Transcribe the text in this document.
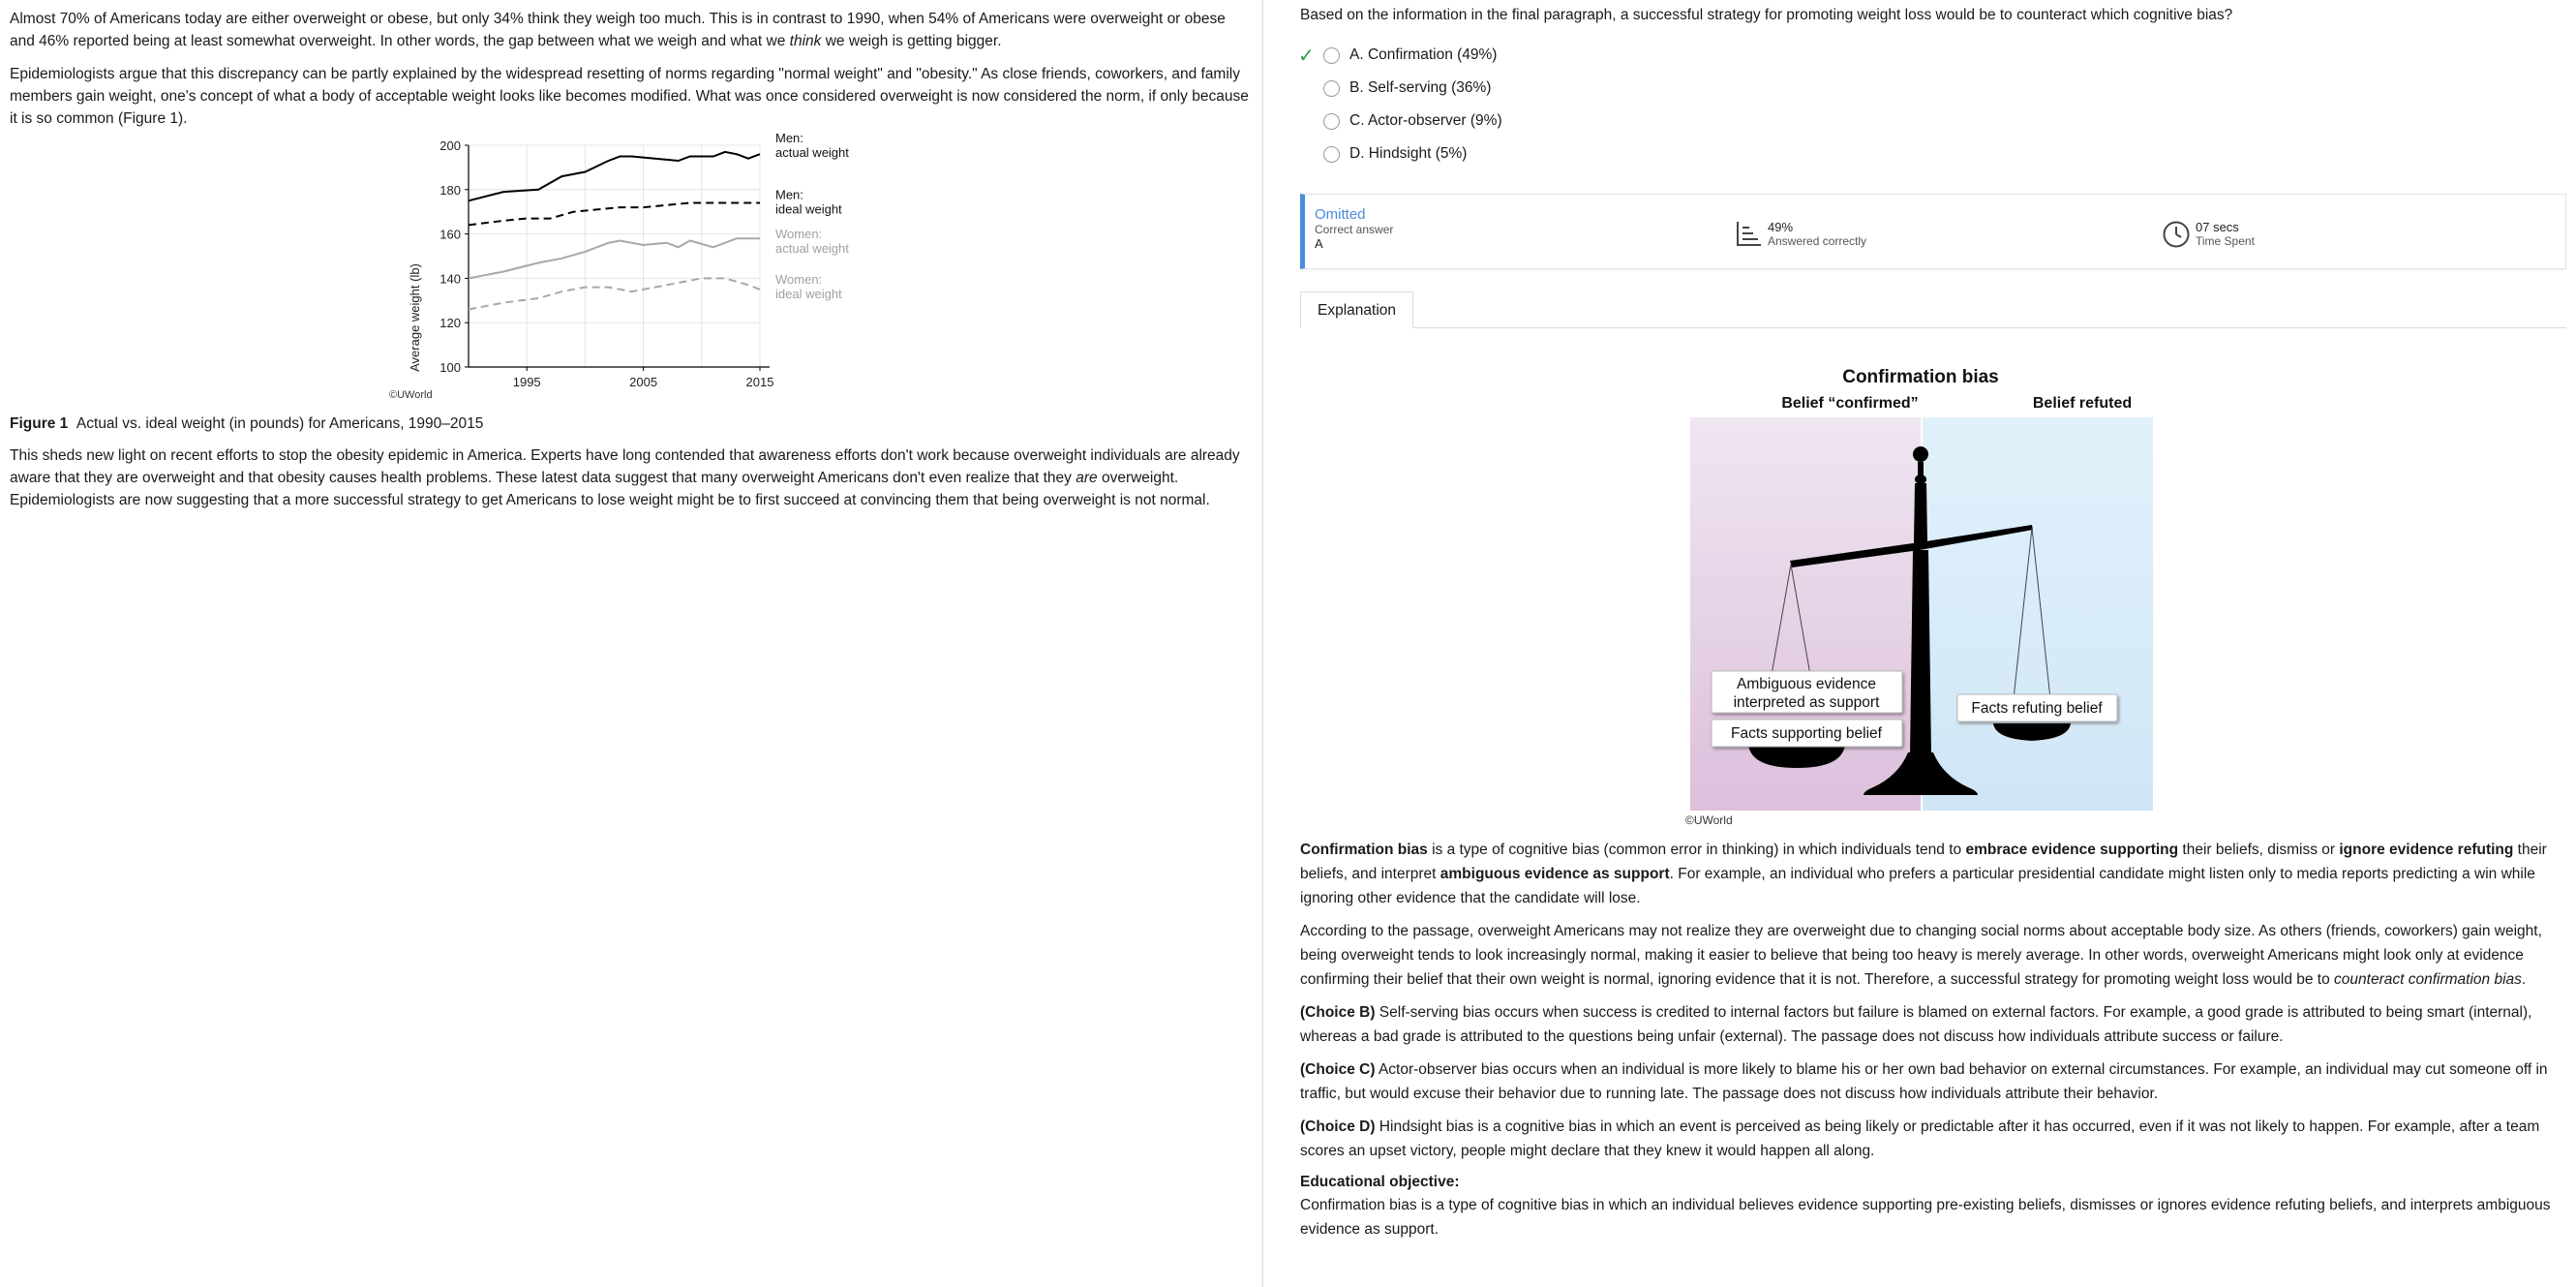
Almost 70% of Americans today are either overweight or obese, but only 34% think they weigh too much. This is in contrast to 1990, when 54% of Americans were overweight or obese and 46% reported being at least somewhat overweight. In other words, the gap between what we weigh and what we think we weigh is getting bigger.

Epidemiologists argue that this discrepancy can be partly explained by the widespread resetting of norms regarding "normal weight" and "obesity." As close friends, coworkers, and family members gain weight, one's concept of what a body of acceptable weight looks like becomes modified. What was once considered overweight is now considered the norm, if only because it is so common (Figure 1).

100
120
140
160
180
200
1995	2005	2015
Men:
actual weight
Men:
ideal weight
Women:
actual weight
Women:
ideal weight
Average weight (lb)
©UWorld
Figure 1 Actual vs. ideal weight (in pounds) for Americans, 1990–2015

This sheds new light on recent efforts to stop the obesity epidemic in America. Experts have long contended that awareness efforts don't work because overweight individuals are already aware that they are overweight and that obesity causes health problems. These latest data suggest that many overweight Americans don't even realize that they are overweight. Epidemiologists are now suggesting that a more successful strategy to get Americans to lose weight might be to first succeed at convincing them that being overweight is not normal.

Based on the information in the final paragraph, a successful strategy for promoting weight loss would be to counteract which cognitive bias?
✓ A. Confirmation (49%)
B. Self-serving (36%)
C. Actor-observer (9%)
D. Hindsight (5%)
Omitted
Correct answer
A
49%
Answered correctly
07 secs
Time Spent
Explanation
Confirmation bias
Belief “confirmed”	Belief refuted
Ambiguous evidence
interpreted as support
Facts supporting belief
Facts refuting belief
©UWorld

Confirmation bias is a type of cognitive bias (common error in thinking) in which individuals tend to embrace evidence supporting their beliefs, dismiss or ignore evidence refuting their beliefs, and interpret ambiguous evidence as support. For example, an individual who prefers a particular presidential candidate might listen only to media reports predicting a win while ignoring other evidence that the candidate will lose.

According to the passage, overweight Americans may not realize they are overweight due to changing social norms about acceptable body size. As others (friends, coworkers) gain weight, being overweight tends to look increasingly normal, making it easier to believe that being too heavy is merely average. In other words, overweight Americans might look only at evidence confirming their belief that their own weight is normal, ignoring evidence that it is not. Therefore, a successful strategy for promoting weight loss would be to counteract confirmation bias.

(Choice B) Self-serving bias occurs when success is credited to internal factors but failure is blamed on external factors. For example, a good grade is attributed to being smart (internal), whereas a bad grade is attributed to the questions being unfair (external). The passage does not discuss how individuals attribute success or failure.

(Choice C) Actor-observer bias occurs when an individual is more likely to blame his or her own bad behavior on external circumstances. For example, an individual may cut someone off in traffic, but would excuse their behavior due to running late. The passage does not discuss how individuals attribute their behavior.

(Choice D) Hindsight bias is a cognitive bias in which an event is perceived as being likely or predictable after it has occurred, even if it was not likely to happen. For example, after a team scores an upset victory, people might declare that they knew it would happen all along.

Educational objective:
Confirmation bias is a type of cognitive bias in which an individual believes evidence supporting pre-existing beliefs, dismisses or ignores evidence refuting beliefs, and interprets ambiguous evidence as support.
